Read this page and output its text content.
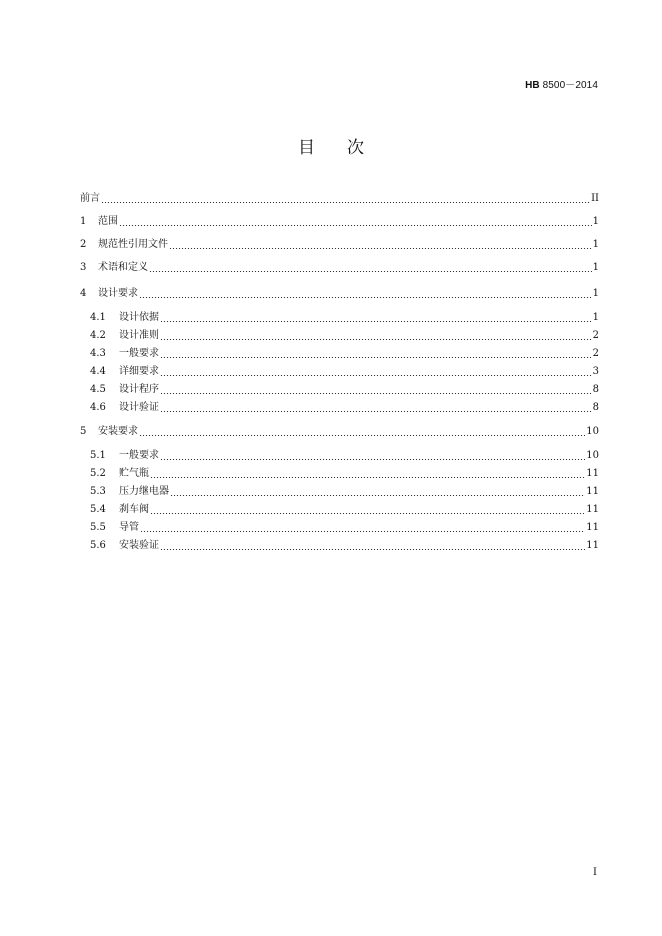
HB 8500－2014
目次
前言	II
1	范围	1
2	规范性引用文件	1
3	术语和定义	1
4	设计要求	1
4.1	设计依据	1
4.2	设计准则	2
4.3	一般要求	2
4.4	详细要求	3
4.5	设计程序	8
4.6	设计验证	8
5	安装要求	10
5.1	一般要求	10
5.2	贮气瓶	11
5.3	压力继电器	11
5.4	刹车阀	11
5.5	导管	11
5.6	安装验证	11
I
